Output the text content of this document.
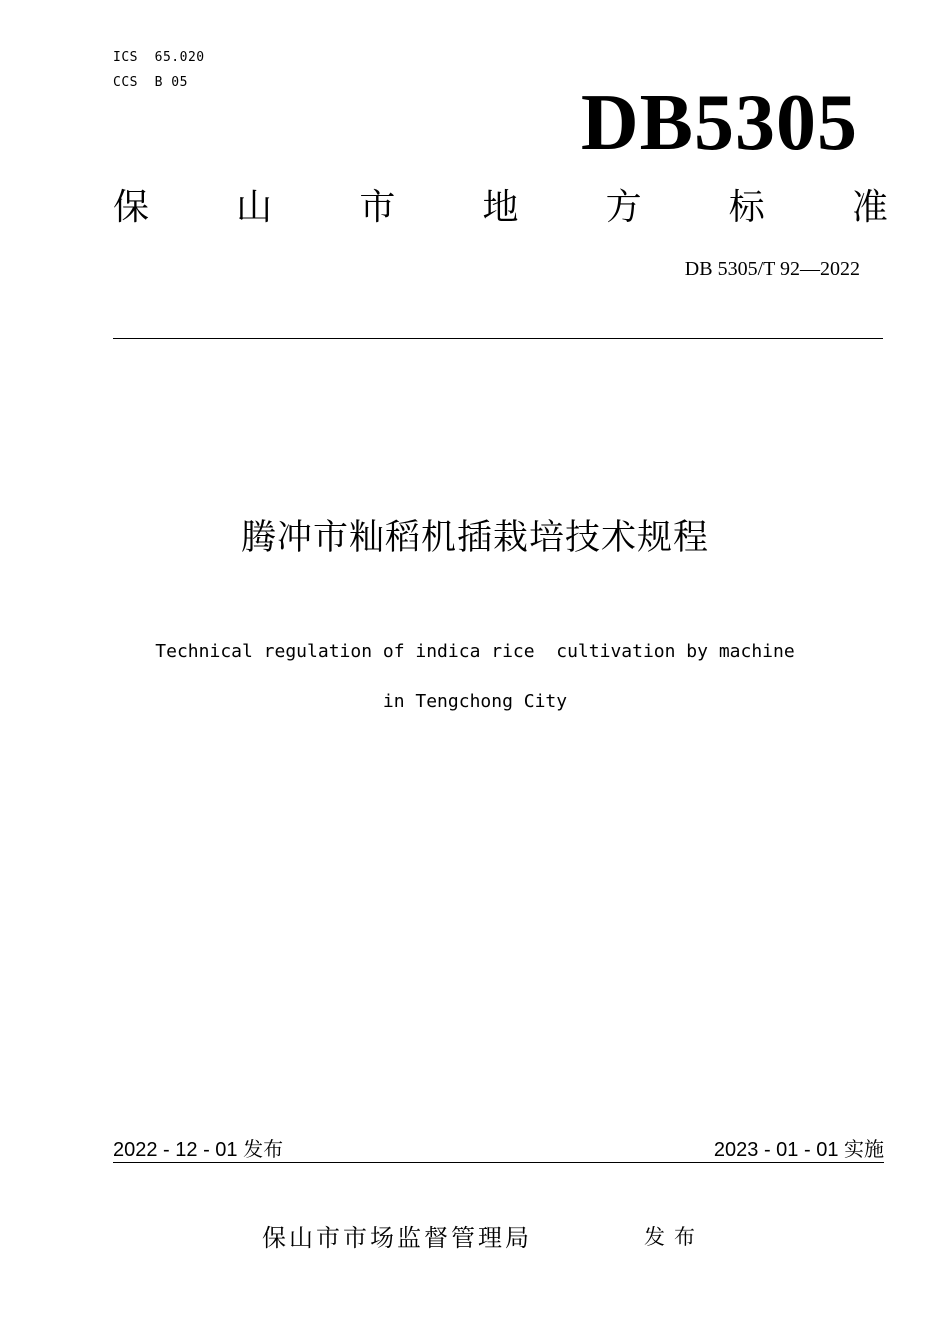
ICS  65.020
CCS  B 05	DB5305
保 山 市 地 方 标 准
DB 5305/T 92—2022
腾冲市籼稻机插栽培技术规程
Technical regulation of indica rice  cultivation by machine
in Tengchong City
2022 - 12 - 01 发布	2023 - 01 - 01 实施
保山市市场监督管理局	发布
